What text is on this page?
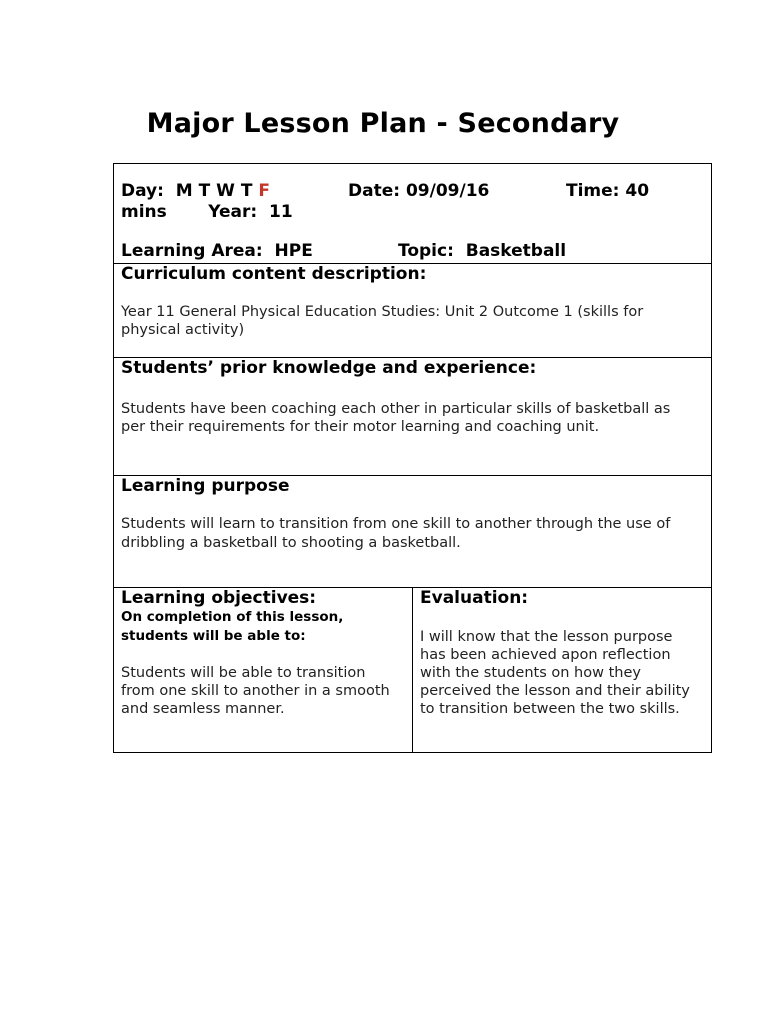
Major Lesson Plan - Secondary
Day: M T W T F	Date: 09/09/16	Time: 40
mins Year: 11
Learning Area: HPE	Topic: Basketball
Curriculum content description:
Year 11 General Physical Education Studies: Unit 2 Outcome 1 (skills for
physical activity)
Students’ prior knowledge and experience:
Students have been coaching each other in particular skills of basketball as
per their requirements for their motor learning and coaching unit.
Learning purpose
Students will learn to transition from one skill to another through the use of
dribbling a basketball to shooting a basketball.
Learning objectives:
On completion of this lesson,
students will be able to:
Students will be able to transition
from one skill to another in a smooth
and seamless manner.
Evaluation:
I will know that the lesson purpose
has been achieved apon reflection
with the students on how they
perceived the lesson and their ability
to transition between the two skills.
